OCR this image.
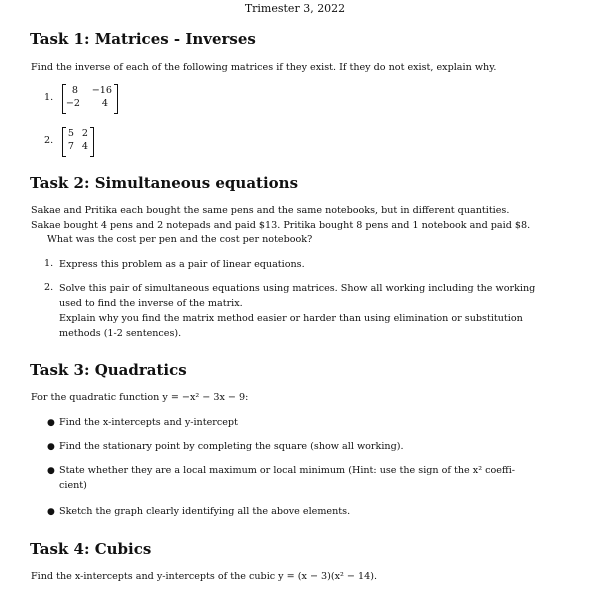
Trimester 3, 2022
Task 1: Matrices - Inverses
Find the inverse of each of the following matrices if they exist. If they do not exist, explain why.
1.
8 −16
−2	4
2.
5 2
7 4
Task 2: Simultaneous equations
Sakae and Pritika each bought the same pens and the same notebooks, but in different quantities.
Sakae bought 4 pens and 2 notepads and paid $13. Pritika bought 8 pens and 1 notebook and paid $8.
What was the cost per pen and the cost per notebook?
1. Express this problem as a pair of linear equations.
2. Solve this pair of simultaneous equations using matrices. Show all working including the working
used to find the inverse of the matrix.
Explain why you find the matrix method easier or harder than using elimination or substitution
methods (1-2 sentences).
Task 3: Quadratics
For the quadratic function y = −x² − 3x − 9:
● Find the x-intercepts and y-intercept
● Find the stationary point by completing the square (show all working).
● State whether they are a local maximum or local minimum (Hint: use the sign of the x² coeffi-
cient)
● Sketch the graph clearly identifying all the above elements.
Task 4: Cubics
Find the x-intercepts and y-intercepts of the cubic y = (x − 3)(x² − 14).
